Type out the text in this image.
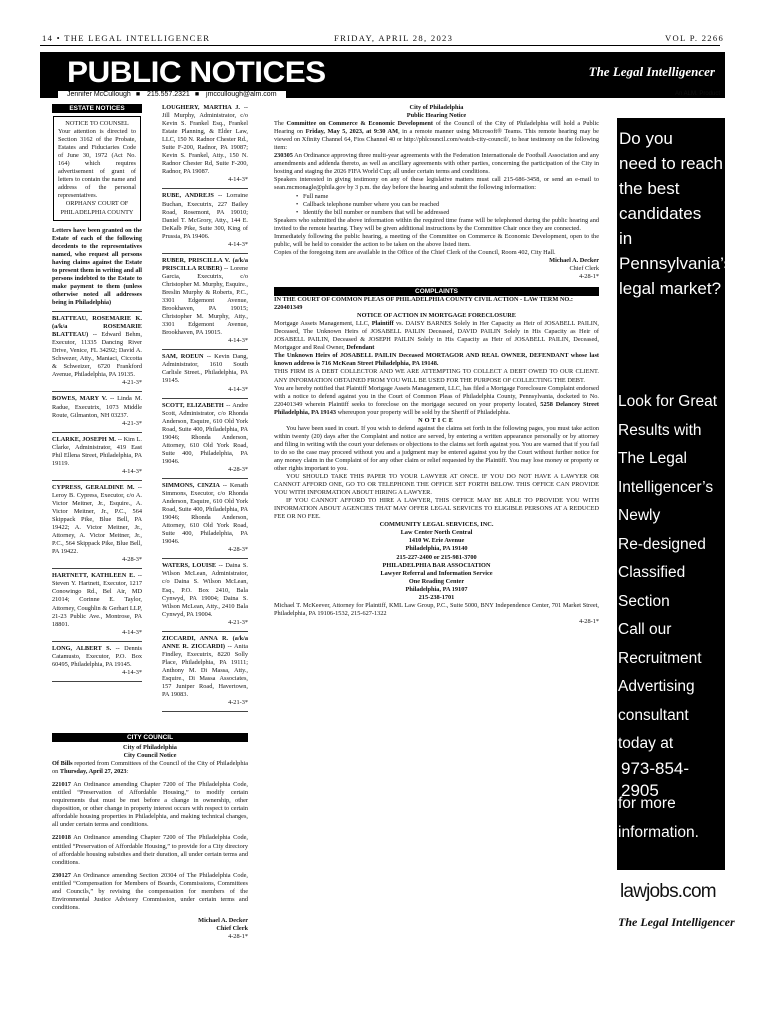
14 • THE LEGAL INTELLIGENCER	FRIDAY, APRIL 28, 2023	VOL P. 2266
PUBLIC NOTICES	The Legal Intelligencer
Jennifer McCullough ■ 215.557.2321 ■ jmccullough@alm.com	An ALM. Product
ESTATE NOTICES

NOTICE TO COUNSEL

Your attention is directed to Section 3162 of the Probate, Estates and Fiduciaries Code of June 30, 1972 (Act No. 164) which requires advertisement of grant of letters to contain the name and address of the personal representatives.

ORPHANS' COURT OF PHILADELPHIA COUNTY

Letters have been granted on the Estate of each of the following decedents to the representatives named, who request all persons having claims against the Estate to present them in writing and all persons indebted to the Estate to make payment to them (unless otherwise noted all addresses being in Philadelphia)

BLATTEAU, ROSEMARIE K. (a/k/a ROSEMARIE BLATTEAU) -- Edward Behm, Executor, 11335 Dancing River Drive, Venice, FL 34292; David A. Schwezer, Atty., Maniaci, Ciccotta & Schweizer, 6720 Frankford Avenue, Philadelphia, PA 19135.

4-21-3*

BOWES, MARY V. -- Linda M. Radue, Executrix, 1073 Middle Route, Gilmanton, NH 03237.

4-21-3*

CLARKE, JOSEPH M. -- Kim L. Clarke, Administrator, 419 East Phil Ellena Street, Philadelphia, PA 19119.

4-14-3*

CYPRESS, GERALDINE M. -- Leroy B. Cypress, Executor, c/o A. Victor Meitner, Jr., Esquire., A. Victor Meitner, Jr., P.C., 564 Skippack Pike, Blue Bell, PA 19422; A. Victor Meitner, Jr., Attorney, A. Victor Meitner, Jr., P.C., 564 Skippack Pike, Blue Bell, PA 19422.

4-28-3*

HARTNETT, KATHLEEN E. -- Steven Y. Hartnett, Executor, 1217 Conowingo Rd., Bel Air, MD 21014; Corinne E. Taylor, Attorney, Coughlin & Gerhart LLP, 21-23 Public Ave., Montrose, PA 18801.

4-14-3*

LONG, ALBERT S. -- Dennis Catamusto, Executor, P.O. Box 60495, Philadelphia, PA 19145.

4-14-3*

LOUGHERY, MARTHA J. -- Jill Murphy, Administrator, c/o Kevin S. Frankel Esq., Frankel Estate Planning, & Elder Law, LLC, 150 N. Radnor Chester Rd., Suite F-200, Radnor, PA 19087; Kevin S. Frankel, Atty., 150 N. Radnor Chester Rd, Suite F-200, Radnor, PA 19087.

4-14-3*

RUBE, ANDREJS -- Lorraine Buchan, Executrix, 227 Bailey Road, Rosemont, PA 19010; Daniel T. McGrory, Atty., 144 E. DeKalb Pike, Suite 300, King of Prussia, PA 19406.

4-14-3*

RUBER, PRISCILLA V. (a/k/a PRISCILLA RUBER) -- Lorene Garcia, Executrix, c/o Christopher M. Murphy, Esquire., Breslin Murphy & Roberts, P.C., 3301 Edgemont Avenue, Brookhaven, PA 19015; Christopher M. Murphy, Atty., 3301 Edgemont Avenue, Brookhaven, PA 19015.

4-14-3*

SAM, ROEUN -- Kevin Dang, Administrator, 1610 South Carlisle Street., Philadelphia, PA 19145.

4-14-3*

SCOTT, ELIZABETH -- Andre Scott, Administrator, c/o Rhonda Anderson, Esquire, 610 Old York Road, Suite 400, Philadelphia, PA 19046; Rhonda Anderson, Attorney, 610 Old York Road, Suite 400, Philadelphia, PA 19046.

4-28-3*

SIMMONS, CINZIA -- Kenath Simmons, Executor, c/o Rhonda Anderson, Esquire, 610 Old York Road, Suite 400, Philadelphia, PA 19046; Rhonda Anderson, Attorney, 610 Old York Road, Suite 400, Philadelphia, PA 19046.

4-28-3*

WATERS, LOUISE -- Daina S. Wilson McLean, Administrator, c/o Daina S. Wilson McLean, Esq., P.O. Box 2410, Bala Cynwyd, PA 19004; Daina S. Wilson McLean, Atty., 2410 Bala Cynwyd, PA 19004.

4-21-3*

ZICCARDI, ANNA R. (a/k/a ANNE R. ZICCARDI) -- Anita Findley, Executrix, 8220 Solly Place, Philadelphia, PA 19111; Anthony M. Di Massa, Atty., Esquire., Di Massa Associates, 157 Juniper Road, Havertown, PA 19083.

4-21-3*

CITY COUNCIL

City of Philadelphia

City Council Notice

Of Bills reported from Committees of the Council of the City of Philadelphia on Thursday, April 27, 2023:

221017 An Ordinance amending Chapter 7200 of The Philadelphia Code, entitled “Preservation of Affordable Housing,” to modify certain requirements that must be met before a change in ownership, other disposition, or other change in property interest occurs with respect to certain affordable housing properties in Philadelphia, and making technical changes, all under certain terms and conditions.

221018 An Ordinance amending Chapter 7200 of The Philadelphia Code, entitled “Preservation of Affordable Housing,” to provide for a City directory of affordable housing subsidies and their duration, all under certain terms and conditions.

230127 An Ordinance amending Section 20304 of The Philadelphia Code, entitled “Compensation for Members of Boards, Commissions, Committees and Councils,” by revising the compensation for members of the Environmental Justice Advisory Commission, under certain terms and conditions.

Michael A. Decker

Chief Clerk

4-28-1*

City of Philadelphia

Public Hearing Notice

The Committee on Commerce & Economic Development of the Council of the City of Philadelphia will hold a Public Hearing on Friday, May 5, 2023, at 9:30 AM, in a remote manner using Microsoft® Teams. This remote hearing may be viewed on Xfinity Channel 64, Fios Channel 40 or http://phlcouncil.com/watch-city-council/, to hear testimony on the following item:

230305 An Ordinance approving three multi-year agreements with the Federation Internationale de Football Association and any amendments and addenda thereto, as well as ancillary agreements with other parties, concerning the participation of the City in hosting and staging the 2026 FIFA World Cup; all under certain terms and conditions.

Speakers interested in giving testimony on any of these legislative matters must call 215-686-3458, or send an e-mail to sean.mcmonagle@phila.gov by 3 p.m. the day before the hearing and submit the following information:

•   Full name

•   Callback telephone number where you can be reached

•   Identify the bill number or numbers that will be addressed

Speakers who submitted the above information within the required time frame will be telephoned during the public hearing and invited to the remote hearing. They will be given additional instructions by the Committee Chair once they are connected.

Immediately following the public hearing, a meeting of the Committee on Commerce & Economic Development, open to the public, will be held to consider the action to be taken on the above listed item.

Copies of the foregoing item are available in the Office of the Chief Clerk of the Council, Room 402, City Hall.

Michael A. Decker

Chief Clerk

4-28-1*

COMPLAINTS

IN THE COURT OF COMMON PLEAS OF PHILADELPHIA COUNTY CIVIL ACTION - LAW TERM NO.: 220401349

NOTICE OF ACTION IN MORTGAGE FORECLOSURE

Mortgage Assets Management, LLC, Plaintiff vs. DAISY BARNES Solely in Her Capacity as Heir of JOSABELL PAILIN, Deceased, The Unknown Heirs of JOSABELL PAILIN Deceased, DAVID PAILIN Solely in His Capacity as Heir of JOSABELL PAILIN, Deceased & JOSEPH PAILIN Solely in His Capacity as Heir of JOSABELL PAILIN, Deceased, Mortgagor and Real Owner, Defendant

The Unknown Heirs of JOSABELL PAILIN Deceased MORTAGOR AND REAL OWNER, DEFENDANT whose last known address is 716 McKean Street Philadelphia, PA 19148.

THIS FIRM IS A DEBT COLLECTOR AND WE ARE ATTEMPTING TO COLLECT A DEBT OWED TO OUR CLIENT. ANY INFORMATION OBTAINED FROM YOU WILL BE USED FOR THE PURPOSE OF COLLECTING THE DEBT.

You are hereby notified that Plaintiff Mortgage Assets Management, LLC, has filed a Mortgage Foreclosure Complaint endorsed with a notice to defend against you in the Court of Common Pleas of Philadelphia County, Pennsylvania, docketed to No. 220401349 wherein Plaintiff seeks to foreclose on the mortgage secured on your property located, 5258 Delancey Street Philadelphia, PA 19143 whereupon your property will be sold by the Sheriff of Philadelphia.

NOTICE

You have been sued in court. If you wish to defend against the claims set forth in the following pages, you must take action within twenty (20) days after the Complaint and notice are served, by entering a written appearance personally or by attorney and filing in writing with the court your defenses or objections to the claims set forth against you. You are warned that if you fail to do so the case may proceed without you and a judgment may be entered against you by the Court without further notice for any money claim in the Complaint of for any other claim or relief requested by the Plaintiff. You may lose money or property or other rights important to you.

YOU SHOULD TAKE THIS PAPER TO YOUR LAWYER AT ONCE. IF YOU DO NOT HAVE A LAWYER OR CANNOT AFFORD ONE, GO TO OR TELEPHONE THE OFFICE SET FORTH BELOW. THIS OFFICE CAN PROVIDE YOU WITH INFORMATION ABOUT HIRING A LAWYER.

IF YOU CANNOT AFFORD TO HIRE A LAWYER, THIS OFFICE MAY BE ABLE TO PROVIDE YOU WITH INFORMATION ABOUT AGENCIES THAT MAY OFFER LEGAL SERVICES TO ELIGIBLE PERSONS AT A REDUCED FEE OR NO FEE.

COMMUNITY LEGAL SERVICES, INC.

Law Center North Central

1410 W. Erie Avenue

Philadelphia, PA 19140

215-227-2400 or 215-981-3700

PHILADELPHIA BAR ASSOCIATION

Lawyer Referral and Information Service

One Reading Center

Philadelphia, PA 19107

215-238-1701

Michael T. McKeever, Attorney for Plaintiff, KML Law Group, P.C., Suite 5000, BNY Independence Center, 701 Market Street, Philadelphia, PA 19106-1532, 215-627-1322

4-28-1*

Do you
need to reach
the best
candidates
in
Pennsylvania’s
legal market?
Look for Great
Results with
The Legal
Intelligencer’s
Newly
Re-designed
Classified
Section
Call our
Recruitment
Advertising
consultant
today at
973-854-2905
for more
information.
lawjobs.com
The Legal Intelligencer
